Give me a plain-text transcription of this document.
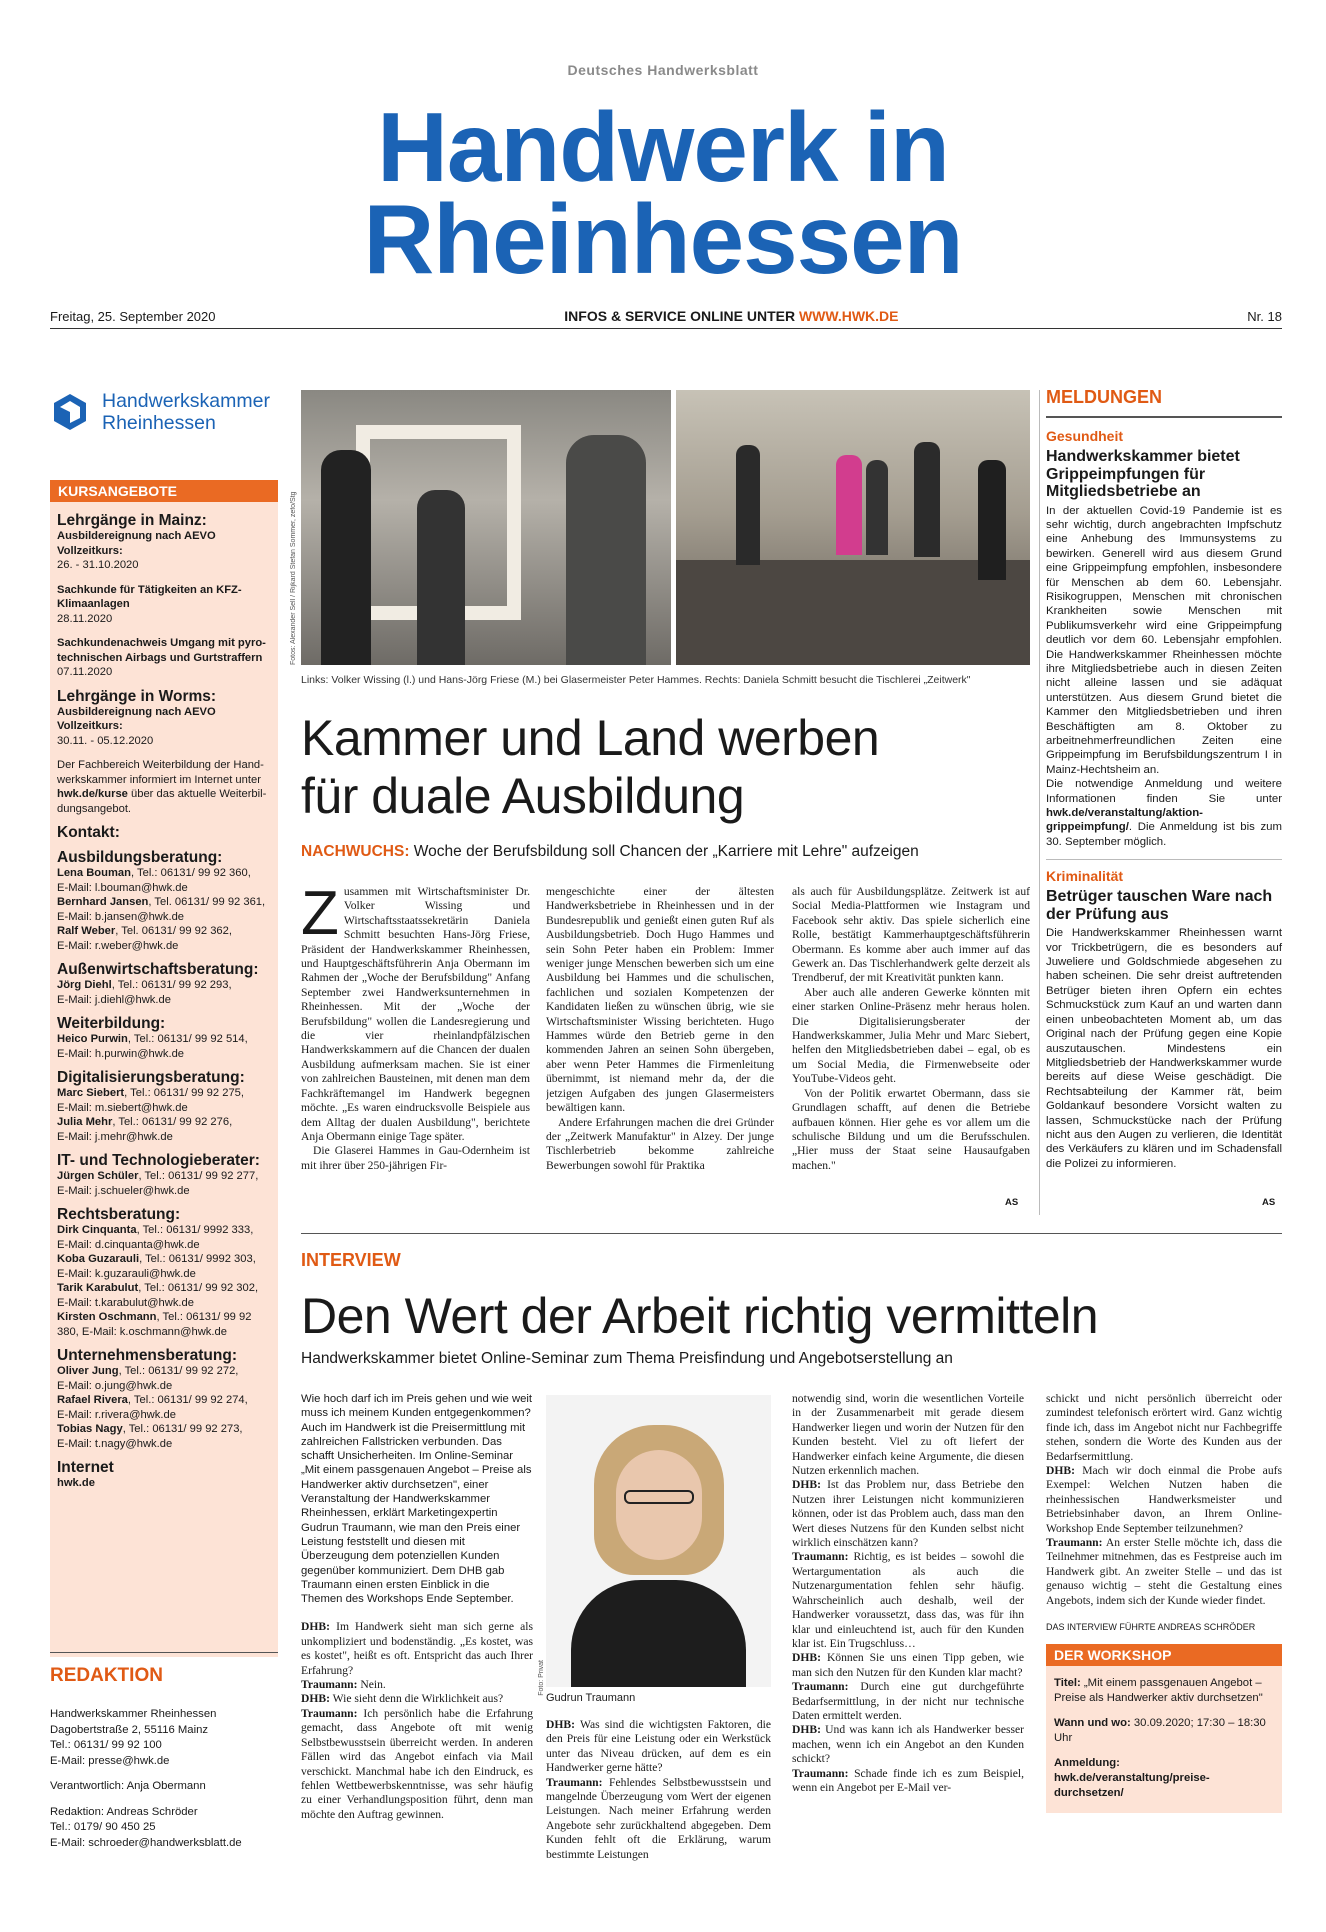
Deutsches Handwerksblatt
Handwerk in
Rheinhessen
Freitag, 25. September 2020	INFOS & SERVICE ONLINE UNTER WWW.HWK.DE	Nr. 18
Handwerkskammer
Rheinhessen
KURSANGEBOTE
Lehrgänge in Mainz:

Ausbildereignung nach AEVO

Vollzeitkurs:

26. - 31.10.2020

Sachkunde für Tätigkeiten an KFZ-

Klimaanlagen

28.11.2020

Sachkundenachweis Umgang mit pyro-

technischen Airbags und Gurtstraffern

07.11.2020

Lehrgänge in Worms:

Ausbildereignung nach AEVO

Vollzeitkurs:

30.11. - 05.12.2020

Der Fachbereich Weiterbildung der Hand-

werkskammer informiert im Internet unter

hwk.de/kurse über das aktuelle Weiterbil-

dungsangebot.

Kontakt:
Ausbildungsberatung:

Lena Bouman, Tel.: 06131/ 99 92 360,

E-Mail: l.bouman@hwk.de

Bernhard Jansen, Tel. 06131/ 99 92 361,

E-Mail: b.jansen@hwk.de

Ralf Weber, Tel. 06131/ 99 92 362,

E-Mail: r.weber@hwk.de

Außenwirtschaftsberatung:

Jörg Diehl, Tel.: 06131/ 99 92 293,

E-Mail: j.diehl@hwk.de

Weiterbildung:

Heico Purwin, Tel.: 06131/ 99 92 514,

E-Mail: h.purwin@hwk.de

Digitalisierungsberatung:

Marc Siebert, Tel.: 06131/ 99 92 275,

E-Mail: m.siebert@hwk.de

Julia Mehr, Tel.: 06131/ 99 92 276,

E-Mail: j.mehr@hwk.de

IT- und Technologieberater:

Jürgen Schüler, Tel.: 06131/ 99 92 277,

E-Mail: j.schueler@hwk.de

Rechtsberatung:

Dirk Cinquanta, Tel.: 06131/ 9992 333,

E-Mail: d.cinquanta@hwk.de

Koba Guzarauli, Tel.: 06131/ 9992 303,

E-Mail: k.guzarauli@hwk.de

Tarik Karabulut, Tel.: 06131/ 99 92 302,

E-Mail: t.karabulut@hwk.de

Kirsten Oschmann, Tel.: 06131/ 99 92

380, E-Mail: k.oschmann@hwk.de

Unternehmensberatung:

Oliver Jung, Tel.: 06131/ 99 92 272,

E-Mail: o.jung@hwk.de

Rafael Rivera, Tel.: 06131/ 99 92 274,

E-Mail: r.rivera@hwk.de

Tobias Nagy, Tel.: 06131/ 99 92 273,

E-Mail: t.nagy@hwk.de

Internet

hwk.de

REDAKTION

Handwerkskammer Rheinhessen

Dagobertstraße 2, 55116 Mainz

Tel.: 06131/ 99 92 100

E-Mail: presse@hwk.de

Verantwortlich: Anja Obermann

Redaktion: Andreas Schröder

Tel.: 0179/ 90 450 25

E-Mail: schroeder@handwerksblatt.de

Fotos: Alexander Sell / Rijkard Stefan Sommer, zefo/Stg
Links: Volker Wissing (l.) und Hans-Jörg Friese (M.) bei Glasermeister Peter Hammes. Rechts: Daniela Schmitt besucht die Tischlerei „Zeitwerk"
Kammer und Land werben
für duale Ausbildung
NACHWUCHS: Woche der Berufsbildung soll Chancen der „Karriere mit Lehre" aufzeigen
Z usammen mit Wirtschaftsminister Dr. Volker Wissing und Wirtschaftsstaatssekretärin Daniela Schmitt besuchten Hans-Jörg Friese, Präsident der Handwerkskammer Rheinhessen, und Hauptgeschäftsführerin Anja Obermann im Rahmen der „Woche der Berufsbildung" Anfang September zwei Handwerksunternehmen in Rheinhessen. Mit der „Woche der Berufsbildung" wollen die Landesregierung und die vier rheinlandpfälzischen Handwerkskammern auf die Chancen der dualen Ausbildung aufmerksam machen. Sie ist einer von zahlreichen Bausteinen, mit denen man dem Fachkräftemangel im Handwerk begegnen möchte. „Es waren eindrucksvolle Beispiele aus dem Alltag der dualen Ausbildung", berichtete Anja Obermann einige Tage später.

Die Glaserei Hammes in Gau-Odernheim ist mit ihrer über 250-jährigen Fir-

mengeschichte einer der ältesten Handwerksbetriebe in Rheinhessen und in der Bundesrepublik und genießt einen guten Ruf als Ausbildungsbetrieb. Doch Hugo Hammes und sein Sohn Peter haben ein Problem: Immer weniger junge Menschen bewerben sich um eine Ausbildung bei Hammes und die schulischen, fachlichen und sozialen Kompetenzen der Kandidaten ließen zu wünschen übrig, wie sie Wirtschaftsminister Wissing berichteten. Hugo Hammes würde den Betrieb gerne in den kommenden Jahren an seinen Sohn übergeben, aber wenn Peter Hammes die Firmenleitung übernimmt, ist niemand mehr da, der die jetzigen Aufgaben des jungen Glasermeisters bewältigen kann.

Andere Erfahrungen machen die drei Gründer der „Zeitwerk Manufaktur" in Alzey. Der junge Tischlerbetrieb bekomme zahlreiche Bewerbungen sowohl für Praktika

als auch für Ausbildungsplätze. Zeitwerk ist auf Social Media-Plattformen wie Instagram und Facebook sehr aktiv. Das spiele sicherlich eine Rolle, bestätigt Kammerhauptgeschäftsführerin Obermann. Es komme aber auch immer auf das Gewerk an. Das Tischlerhandwerk gelte derzeit als Trendberuf, der mit Kreativität punkten kann.

Aber auch alle anderen Gewerke könnten mit einer starken Online-Präsenz mehr heraus holen. Die Digitalisierungsberater der Handwerkskammer, Julia Mehr und Marc Siebert, helfen den Mitgliedsbetrieben dabei – egal, ob es um Social Media, die Firmenwebseite oder YouTube-Videos geht.

Von der Politik erwartet Obermann, dass sie Grundlagen schafft, auf denen die Betriebe aufbauen können. Hier gehe es vor allem um die schulische Bildung und um die Berufsschulen. „Hier muss der Staat seine Hausaufgaben machen."

AS
MELDUNGEN
Gesundheit
Handwerkskammer bietet Grippeimpfungen für Mitgliedsbetriebe an

In der aktuellen Covid-19 Pandemie ist es sehr wichtig, durch angebrachten Impfschutz eine Anhebung des Immunsystems zu bewirken. Generell wird aus diesem Grund eine Grippeimpfung empfohlen, insbesondere für Menschen ab dem 60. Lebensjahr. Risikogruppen, Menschen mit chronischen Krankheiten sowie Menschen mit Publikumsverkehr wird eine Grippeimpfung deutlich vor dem 60. Lebensjahr empfohlen. Die Handwerkskammer Rheinhessen möchte ihre Mitgliedsbetriebe auch in diesen Zeiten nicht alleine lassen und sie adäquat unterstützen. Aus diesem Grund bietet die Kammer den Mitgliedsbetrieben und ihren Beschäftigten am 8. Oktober zu arbeitnehmerfreundlichen Zeiten eine Grippeimpfung im Berufsbildungszentrum I in Mainz-Hechtsheim an.

Die notwendige Anmeldung und weitere Informationen finden Sie unter hwk.de/veranstaltung/aktion-grippeimpfung/. Die Anmeldung ist bis zum 30. September möglich.

Kriminalität
Betrüger tauschen Ware nach der Prüfung aus

Die Handwerkskammer Rheinhessen warnt vor Trickbetrügern, die es besonders auf Juweliere und Goldschmiede abgesehen zu haben scheinen. Die sehr dreist auftretenden Betrüger bieten ihren Opfern ein echtes Schmuckstück zum Kauf an und warten dann einen unbeobachteten Moment ab, um das Original nach der Prüfung gegen eine Kopie auszutauschen. Mindestens ein Mitgliedsbetrieb der Handwerkskammer wurde bereits auf diese Weise geschädigt. Die Rechtsabteilung der Kammer rät, beim Goldankauf besondere Vorsicht walten zu lassen, Schmuckstücke nach der Prüfung nicht aus den Augen zu verlieren, die Identität des Verkäufers zu klären und im Schadensfall die Polizei zu informieren.

AS
INTERVIEW
Den Wert der Arbeit richtig vermitteln
Handwerkskammer bietet Online-Seminar zum Thema Preisfindung und Angebotserstellung an

Wie hoch darf ich im Preis gehen und wie weit muss ich meinem Kunden entgegenkommen? Auch im Handwerk ist die Preisermittlung mit zahlreichen Fallstricken verbunden. Das schafft Unsicherheiten. Im Online-Seminar „Mit einem passgenauen Angebot – Preise als Handwerker aktiv durchsetzen", einer Veranstaltung der Handwerkskammer Rheinhessen, erklärt Marketingexpertin Gudrun Traumann, wie man den Preis einer Leistung feststellt und diesen mit Überzeugung dem potenziellen Kunden gegenüber kommuniziert. Dem DHB gab Traumann einen ersten Einblick in die Themen des Workshops Ende September.

DHB: Im Handwerk sieht man sich gerne als unkompliziert und bodenständig. „Es kostet, was es kostet", heißt es oft. Entspricht das auch Ihrer Erfahrung?

Traumann: Nein.

DHB: Wie sieht denn die Wirklichkeit aus?

Traumann: Ich persönlich habe die Erfahrung gemacht, dass Angebote oft mit wenig Selbstbewusstsein überreicht werden. In anderen Fällen wird das Angebot einfach via Mail verschickt. Manchmal habe ich den Eindruck, es fehlen Wettbewerbskenntnisse, was sehr häufig zu einer Verhandlungsposition führt, denn man möchte den Auftrag gewinnen.

Foto: Privat
Gudrun Traumann

DHB: Was sind die wichtigsten Faktoren, die den Preis für eine Leistung oder ein Werkstück unter das Niveau drücken, auf dem es ein Handwerker gerne hätte?

Traumann: Fehlendes Selbstbewusstsein und mangelnde Überzeugung vom Wert der eigenen Leistungen. Nach meiner Erfahrung werden Angebote sehr zurückhaltend abgegeben. Dem Kunden fehlt oft die Erklärung, warum bestimmte Leistungen

notwendig sind, worin die wesentlichen Vorteile in der Zusammenarbeit mit gerade diesem Handwerker liegen und worin der Nutzen für den Kunden besteht. Viel zu oft liefert der Handwerker einfach keine Argumente, die diesen Nutzen erkennlich machen.

DHB: Ist das Problem nur, dass Betriebe den Nutzen ihrer Leistungen nicht kommunizieren können, oder ist das Problem auch, dass man den Wert dieses Nutzens für den Kunden selbst nicht wirklich einschätzen kann?

Traumann: Richtig, es ist beides – sowohl die Wertargumentation als auch die Nutzenargumentation fehlen sehr häufig. Wahrscheinlich auch deshalb, weil der Handwerker voraussetzt, dass das, was für ihn klar und einleuchtend ist, auch für den Kunden klar ist. Ein Trugschluss…

DHB: Können Sie uns einen Tipp geben, wie man sich den Nutzen für den Kunden klar macht?

Traumann: Durch eine gut durchgeführte Bedarfsermittlung, in der nicht nur technische Daten ermittelt werden.

DHB: Und was kann ich als Handwerker besser machen, wenn ich ein Angebot an den Kunden schickt?

Traumann: Schade finde ich es zum Beispiel, wenn ein Angebot per E-Mail ver-

schickt und nicht persönlich überreicht oder zumindest telefonisch erörtert wird. Ganz wichtig finde ich, dass im Angebot nicht nur Fachbegriffe stehen, sondern die Worte des Kunden aus der Bedarfsermittlung.

DHB: Mach wir doch einmal die Probe aufs Exempel: Welchen Nutzen haben die rheinhessischen Handwerksmeister und Betriebsinhaber davon, an Ihrem Online-Workshop Ende September teilzunehmen?

Traumann: An erster Stelle möchte ich, dass die Teilnehmer mitnehmen, das es Festpreise auch im Handwerk gibt. An zweiter Stelle – und das ist genauso wichtig – steht die Gestaltung eines Angebots, indem sich der Kunde wieder findet.

DAS INTERVIEW FÜHRTE ANDREAS SCHRÖDER

DER WORKSHOP

Titel: „Mit einem passgenauen Angebot – Preise als Handwerker aktiv durchsetzen"

Wann und wo: 30.09.2020; 17:30 – 18:30 Uhr

Anmeldung: hwk.de/veranstaltung/preise-durchsetzen/
